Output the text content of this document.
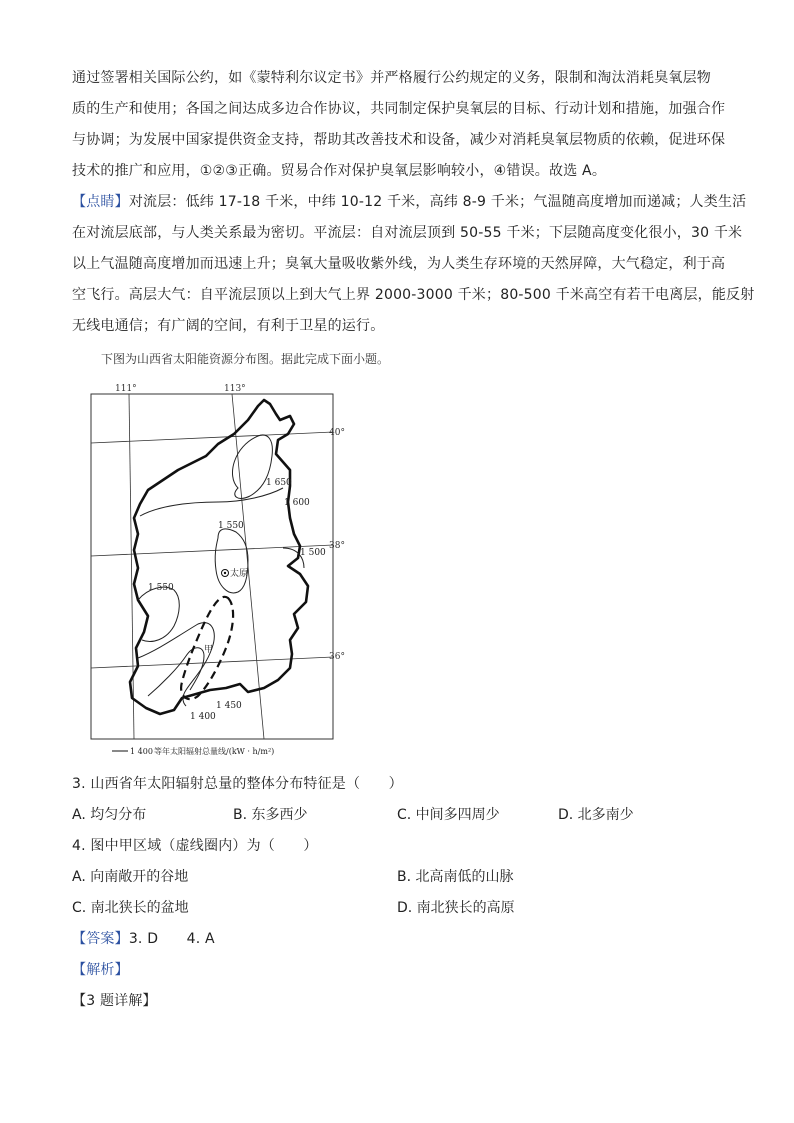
通过签署相关国际公约，如《蒙特利尔议定书》并严格履行公约规定的义务，限制和淘汰消耗臭氧层物
质的生产和使用；各国之间达成多边合作协议，共同制定保护臭氧层的目标、行动计划和措施，加强合作
与协调；为发展中国家提供资金支持，帮助其改善技术和设备，减少对消耗臭氧层物质的依赖，促进环保
技术的推广和应用，①②③正确。贸易合作对保护臭氧层影响较小，④错误。故选 A。
【点睛】对流层：低纬 17-18 千米，中纬 10-12 千米，高纬 8-9 千米；气温随高度增加而递减；人类生活
在对流层底部，与人类关系最为密切。平流层：自对流层顶到 50-55 千米；下层随高度变化很小，30 千米
以上气温随高度增加而迅速上升；臭氧大量吸收紫外线，为人类生存环境的天然屏障，大气稳定，利于高
空飞行。高层大气：自平流层顶以上到大气上界 2000-3000 千米；80-500 千米高空有若干电离层，能反射
无线电通信；有广阔的空间，有利于卫星的运行。
下图为山西省太阳能资源分布图。据此完成下面小题。
111°	113°
40°
38°
36°
1 650
1 600
1 550
1 500
1 550
1 450
1 400
太原
甲
1 400 等年太阳辐射总量线/(kW · h/m²)
3. 山西省年太阳辐射总量的整体分布特征是（　　）
A. 均匀分布	B. 东多西少	C. 中间多四周少	D. 北多南少
4. 图中甲区域（虚线圈内）为（　　）
A. 向南敞开的谷地	B. 北高南低的山脉
C. 南北狭长的盆地	D. 南北狭长的高原
【答案】3. D　　4. A
【解析】
【3 题详解】
